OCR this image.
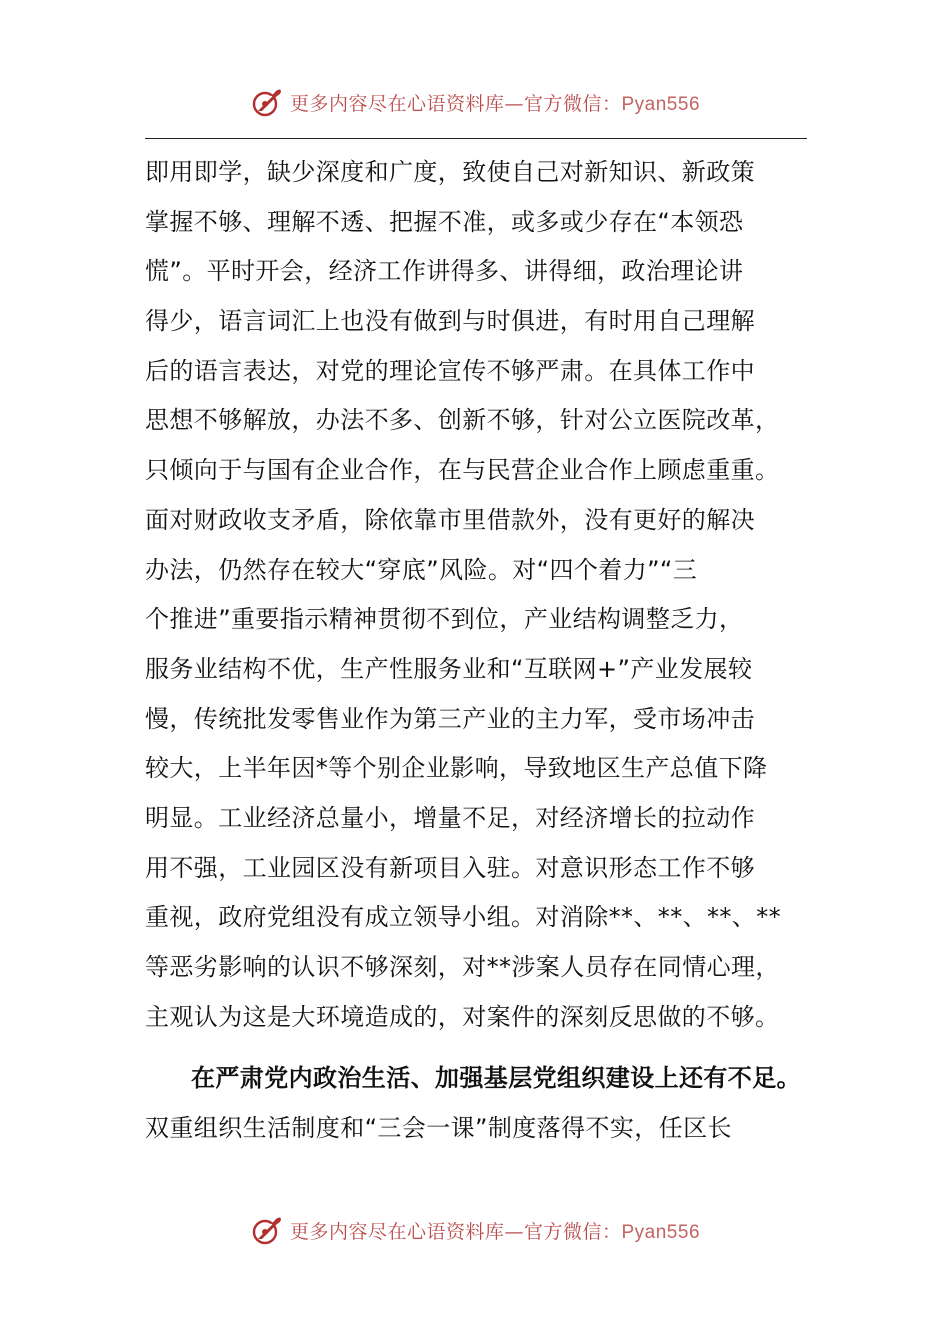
更多内容尽在心语资料库—官方微信：Pyan556
即用即学，缺少深度和广度，致使自己对新知识、新政策
掌握不够、理解不透、把握不准，或多或少存在“本领恐
慌”。平时开会，经济工作讲得多、讲得细，政治理论讲
得少，语言词汇上也没有做到与时俱进，有时用自己理解
后的语言表达，对党的理论宣传不够严肃。在具体工作中
思想不够解放，办法不多、创新不够，针对公立医院改革，
只倾向于与国有企业合作，在与民营企业合作上顾虑重重。
面对财政收支矛盾，除依靠市里借款外，没有更好的解决
办法，仍然存在较大“穿底”风险。对“四个着力”“三
个推进”重要指示精神贯彻不到位，产业结构调整乏力，
服务业结构不优，生产性服务业和“互联网+”产业发展较
慢，传统批发零售业作为第三产业的主力军，受市场冲击
较大，上半年因*等个别企业影响，导致地区生产总值下降
明显。工业经济总量小，增量不足，对经济增长的拉动作
用不强，工业园区没有新项目入驻。对意识形态工作不够
重视，政府党组没有成立领导小组。对消除**、**、**、**
等恶劣影响的认识不够深刻，对**涉案人员存在同情心理，
主观认为这是大环境造成的，对案件的深刻反思做的不够。
在严肃党内政治生活、加强基层党组织建设上还有不足。
双重组织生活制度和“三会一课”制度落得不实，任区长
更多内容尽在心语资料库—官方微信：Pyan556
